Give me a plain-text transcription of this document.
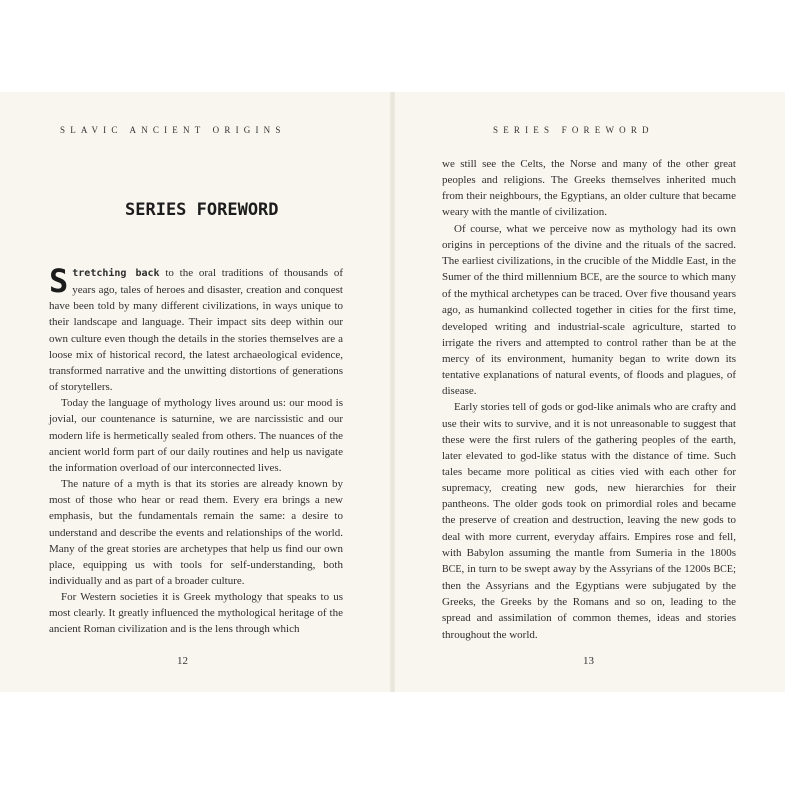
SLAVIC ANCIENT ORIGINS
SERIES FOREWORD

Stretching back to the oral traditions of thousands of years ago, tales of heroes and disaster, creation and conquest have been told by many different civilizations, in ways unique to their landscape and language. Their impact sits deep within our own culture even though the details in the stories themselves are a loose mix of historical record, the latest archaeological evidence, transformed narrative and the unwitting distortions of generations of storytellers.

Today the language of mythology lives around us: our mood is jovial, our countenance is saturnine, we are narcissistic and our modern life is hermetically sealed from others. The nuances of the ancient world form part of our daily routines and help us navigate the information overload of our interconnected lives.

The nature of a myth is that its stories are already known by most of those who hear or read them. Every era brings a new emphasis, but the fundamentals remain the same: a desire to understand and describe the events and relationships of the world. Many of the great stories are archetypes that help us find our own place, equipping us with tools for self-understanding, both individually and as part of a broader culture.

For Western societies it is Greek mythology that speaks to us most clearly. It greatly influenced the mythological heritage of the ancient Roman civilization and is the lens through which

12
SERIES FOREWORD

we still see the Celts, the Norse and many of the other great peoples and religions. The Greeks themselves inherited much from their neighbours, the Egyptians, an older culture that became weary with the mantle of civilization.

Of course, what we perceive now as mythology had its own origins in perceptions of the divine and the rituals of the sacred. The earliest civilizations, in the crucible of the Middle East, in the Sumer of the third millennium BCE, are the source to which many of the mythical archetypes can be traced. Over five thousand years ago, as humankind collected together in cities for the first time, developed writing and industrial-scale agriculture, started to irrigate the rivers and attempted to control rather than be at the mercy of its environment, humanity began to write down its tentative explanations of natural events, of floods and plagues, of disease.

Early stories tell of gods or god-like animals who are crafty and use their wits to survive, and it is not unreasonable to suggest that these were the first rulers of the gathering peoples of the earth, later elevated to god-like status with the distance of time. Such tales became more political as cities vied with each other for supremacy, creating new gods, new hierarchies for their pantheons. The older gods took on primordial roles and became the preserve of creation and destruction, leaving the new gods to deal with more current, everyday affairs. Empires rose and fell, with Babylon assuming the mantle from Sumeria in the 1800s BCE, in turn to be swept away by the Assyrians of the 1200s BCE; then the Assyrians and the Egyptians were subjugated by the Greeks, the Greeks by the Romans and so on, leading to the spread and assimilation of common themes, ideas and stories throughout the world.

13
